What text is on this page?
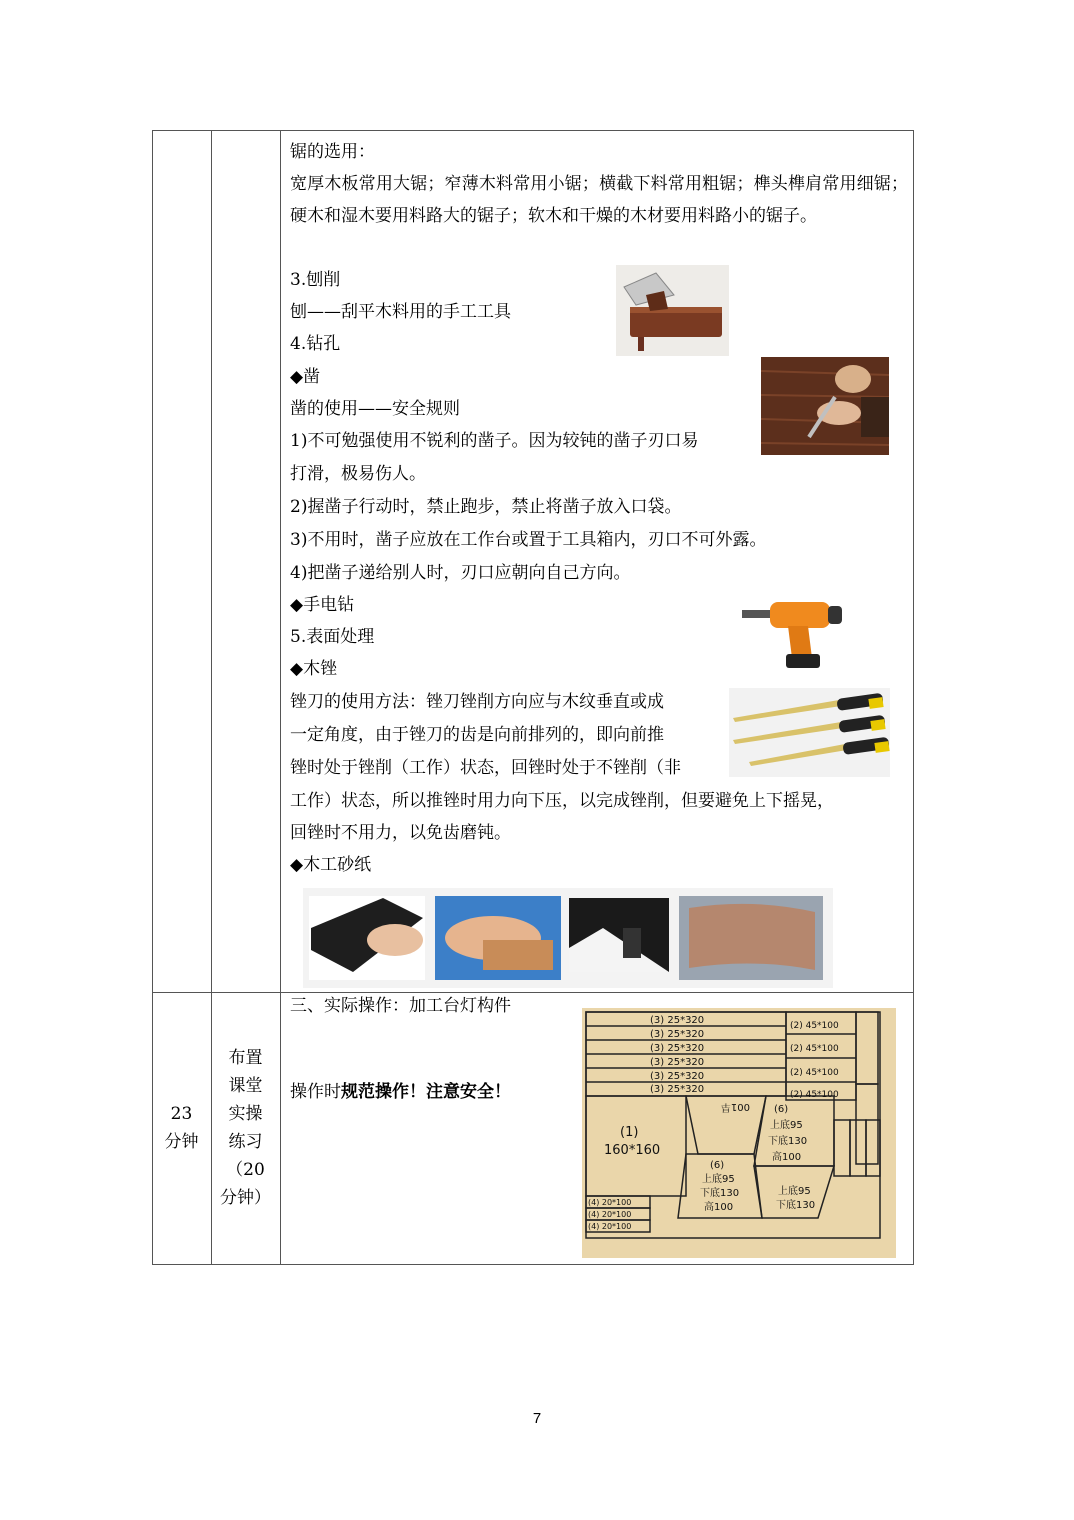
锯的选用：
宽厚木板常用大锯；窄薄木料常用小锯；横截下料常用粗锯；榫头榫肩常用细锯；硬木和湿木要用料路大的锯子；软木和干燥的木材要用料路小的锯子。
3.刨削
刨——刮平木料用的手工工具
4.钻孔
◆凿
凿的使用——安全规则
1)不可勉强使用不锐利的凿子。因为较钝的凿子刃口易
打滑，极易伤人。
2)握凿子行动时，禁止跑步，禁止将凿子放入口袋。
3)不用时，凿子应放在工作台或置于工具箱内，刃口不可外露。
4)把凿子递给别人时，刃口应朝向自己方向。
◆手电钻
5.表面处理
◆木锉
锉刀的使用方法：锉刀锉削方向应与木纹垂直或成
一定角度，由于锉刀的齿是向前排列的，即向前推
锉时处于锉削（工作）状态，回锉时处于不锉削（非
工作）状态，所以推锉时用力向下压，以完成锉削，但要避免上下摇晃，
回锉时不用力，以免齿磨钝。
◆木工砂纸
23
分钟
布置
课堂
实操
练习
（20
分钟）
三、实际操作：加工台灯构件
操作时规范操作！注意安全！
(3) 25*320
(3) 25*320
(3) 25*320
(3) 25*320
(3) 25*320
(3) 25*320
(2) 45*100
(2) 45*100
(2) 45*100
(2) 45*100
(1)
160*160
001旱 (6)
上底95
下底130
高100
(6)
上底95
下底130
高100
上底95
下底130
(4) 20*100
(4) 20*100
(4) 20*100
7
